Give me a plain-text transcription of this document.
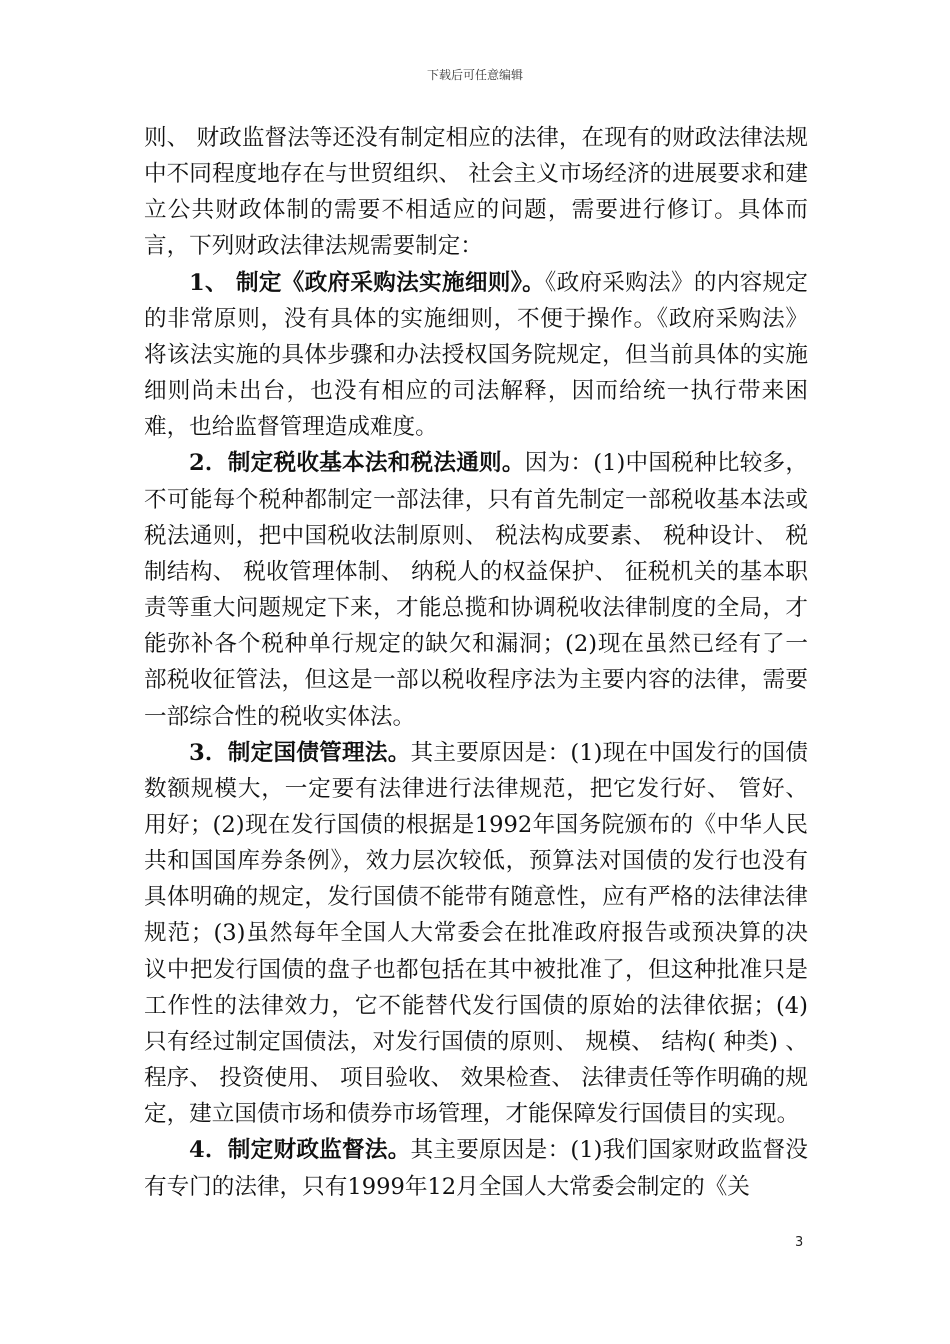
下载后可任意编辑

则、 财政监督法等还没有制定相应的法律，在现有的财政法律法规中不同程度地存在与世贸组织、 社会主义市场经济的进展要求和建立公共财政体制的需要不相适应的问题，需要进行修订。具体而言，下列财政法律法规需要制定：

1、 制定《政府采购法实施细则》。《政府采购法》的内容规定的非常原则，没有具体的实施细则，不便于操作。《政府采购法》将该法实施的具体步骤和办法授权国务院规定，但当前具体的实施细则尚未出台，也没有相应的司法解释，因而给统一执行带来困难，也给监督管理造成难度。

2．制定税收基本法和税法通则。因为：(1)中国税种比较多，不可能每个税种都制定一部法律，只有首先制定一部税收基本法或税法通则，把中国税收法制原则、 税法构成要素、 税种设计、 税制结构、 税收管理体制、 纳税人的权益保护、 征税机关的基本职责等重大问题规定下来，才能总揽和协调税收法律制度的全局，才能弥补各个税种单行规定的缺欠和漏洞；(2)现在虽然已经有了一部税收征管法，但这是一部以税收程序法为主要内容的法律，需要一部综合性的税收实体法。

3．制定国债管理法。其主要原因是：(1)现在中国发行的国债数额规模大，一定要有法律进行法律规范，把它发行好、 管好、 用好；(2)现在发行国债的根据是1992年国务院颁布的《中华人民共和国国库券条例》，效力层次较低，预算法对国债的发行也没有具体明确的规定，发行国债不能带有随意性，应有严格的法律法律规范；(3)虽然每年全国人大常委会在批准政府报告或预决算的决议中把发行国债的盘子也都包括在其中被批准了，但这种批准只是工作性的法律效力，它不能替代发行国债的原始的法律依据；(4)只有经过制定国债法，对发行国债的原则、 规模、 结构( 种类) 、 程序、 投资使用、 项目验收、 效果检查、 法律责任等作明确的规定，建立国债市场和债券市场管理，才能保障发行国债目的实现。

4．制定财政监督法。其主要原因是：(1)我们国家财政监督没有专门的法律，只有1999年12月全国人大常委会制定的《关

3
